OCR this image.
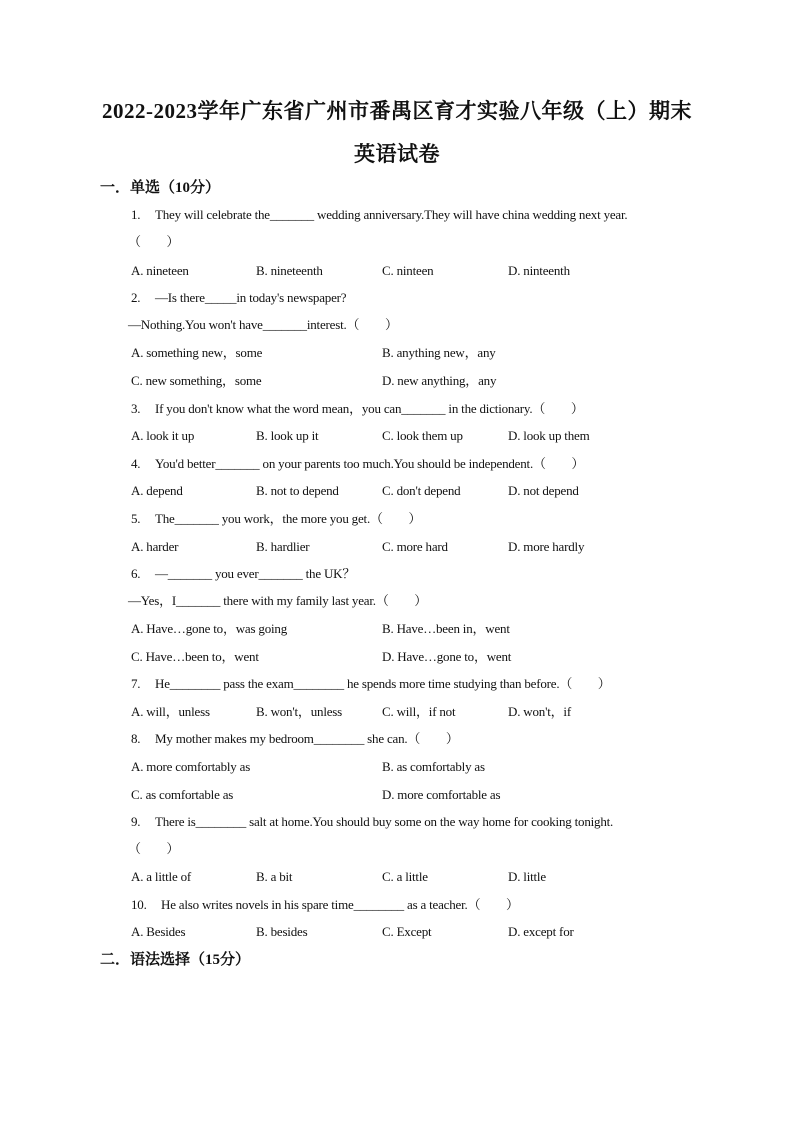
2022-2023学年广东省广州市番禺区育才实验八年级（上）期末
英语试卷
一．单选（10分）
1. They will celebrate the_______ wedding anniversary.They will have china wedding next year.
（　　）
A. nineteen	B. nineteenth	C. ninteen	D. ninteenth
2. —Is there_____in today's newspaper?
—Nothing.You won't have_______interest.（　　）
A. something new，some	B. anything new，any
C. new something，some	D. new anything，any
3. If you don't know what the word mean，you can_______ in the dictionary.（　　）
A. look it up	B. look up it	C. look them up	D. look up them
4. You'd better_______ on your parents too much.You should be independent.（　　）
A. depend	B. not to depend	C. don't depend	D. not depend
5. The_______ you work，the more you get.（　　）
A. harder	B. hardlier	C. more hard	D. more hardly
6. —_______ you ever_______ the UK？
—Yes，I_______ there with my family last year.（　　）
A. Have…gone to，was going	B. Have…been in，went
C. Have…been to，went	D. Have…gone to，went
7. He________ pass the exam________ he spends more time studying than before.（　　）
A. will，unless	B. won't，unless	C. will，if not	D. won't，if
8. My mother makes my bedroom________ she can.（　　）
A. more comfortably as	B. as comfortably as
C. as comfortable as	D. more comfortable as
9. There is________ salt at home.You should buy some on the way home for cooking tonight.
（　　）
A. a little of	B. a bit	C. a little	D. little
10. He also writes novels in his spare time________ as a teacher.（　　）
A. Besides	B. besides	C. Except	D. except for
二．语法选择（15分）
